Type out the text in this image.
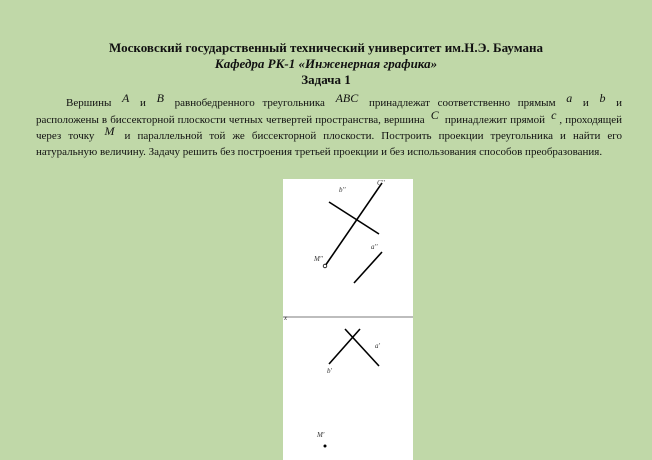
Московский государственный технический университет им.Н.Э. Баумана
Кафедра РК-1 «Инженерная графика»
Задача 1

Вершины A и B равнобедренного треугольника ABC принадлежат соответственно прямым a и b и расположены в биссекторной плоскости четных четвертей пространства, вершина C принадлежит прямой c , проходящей через точку M и параллельной той же биссекторной плоскости. Построить проекции треугольника и найти его натуральную величину. Задачу решить без построения третьей проекции и без использования способов преобразования.

b''
C''
a''
M''
x
a'
b'
M'
